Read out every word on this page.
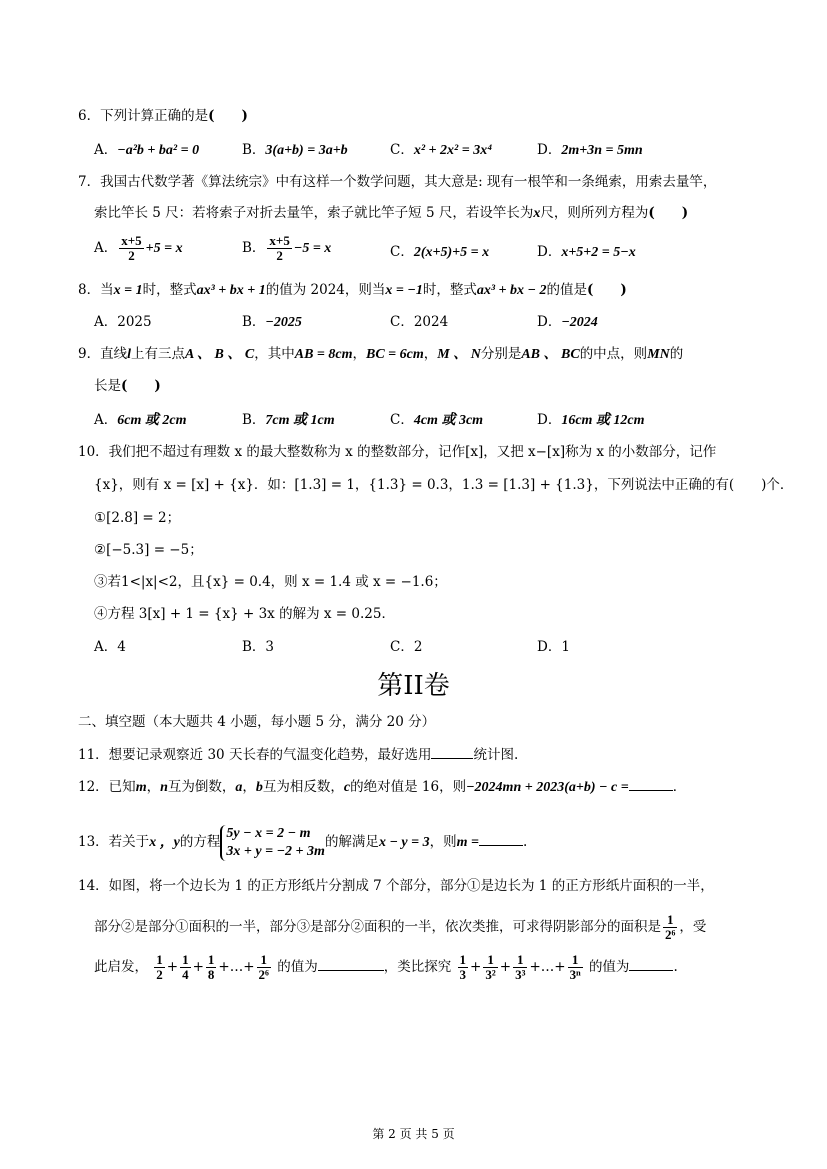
6．下列计算正确的是(　　)
A．−a²b + ba² = 0	B．3(a+b) = 3a+b	C．x² + 2x² = 3x⁴	D．2m+3n = 5mn
7．我国古代数学著《算法统宗》中有这样一个数学问题，其大意是: 现有一根竿和一条绳索，用索去量竿，
索比竿长 5 尺：若将索子对折去量竿，索子就比竿子短 5 尺，若设竿长为x尺，则所列方程为(　　)
A． $\frac{x+5}{2} +5 = x$	B． $\frac{x+5}{2} -5 = x$	C．2(x+5)+5 = x	D．x+5+2 = 5−x
8．当x = 1时，整式ax³ + bx + 1的值为 2024，则当x = −1时，整式ax³ + bx − 2的值是(　　)
A．2025	B．−2025	C．2024	D．−2024
9．直线l上有三点A 、 B 、 C，其中AB = 8cm，BC = 6cm，M 、 N分别是AB 、 BC的中点，则MN的
长是(　　)
A．6cm 或 2cm	B．7cm 或 1cm	C．4cm 或 3cm	D．16cm 或 12cm
10．我们把不超过有理数 x 的最大整数称为 x 的整数部分，记作[x]，又把 x−[x]称为 x 的小数部分，记作
{x}，则有 x = [x] + {x}．如：[1.3] = 1，{1.3} = 0.3，1.3 = [1.3] + {1.3}，下列说法中正确的有(　　)个．
①[2.8] = 2；
②[−5.3] = −5；
③若1<|x|<2，且{x} = 0.4，则 x = 1.4 或 x = −1.6；
④方程 3[x] + 1 = {x} + 3x 的解为 x = 0.25．
A．4	B．3	C．2	D．1
第II卷
二、填空题（本大题共 4 小题，每小题 5 分，满分 20 分）
11．想要记录观察近 30 天长春的气温变化趋势，最好选用	统计图.
12．已知m，n互为倒数，a，b互为相反数，c的绝对值是 16，则−2024mn + 2023(a+b) − c =	．
13．若关于x ，y的方程
5y − x = 2 − m
3x + y = −2 + 3m
的解满足x − y = 3，则m =	.
14．如图，将一个边长为 1 的正方形纸片分割成 7 个部分，部分①是边长为 1 的正方形纸片面积的一半，
部分②是部分①面积的一半，部分③是部分②面积的一半，依次类推，可求得阴影部分的面积是 $\frac{1}{\text{2⁶}}$ ，受
此启发， $\frac{1}{2} + \frac{1}{4} + \frac{1}{8}$ +…+ $\frac{1}{\text{2⁶}}$ 的值为	，类比探究 $\frac{1}{3} + \frac{1}{\text{3²}} + \frac{1}{\text{3³}}$ +…+ $\frac{1}{\text{3ⁿ}}$ 的值为	.
第 2 页 共 5 页
